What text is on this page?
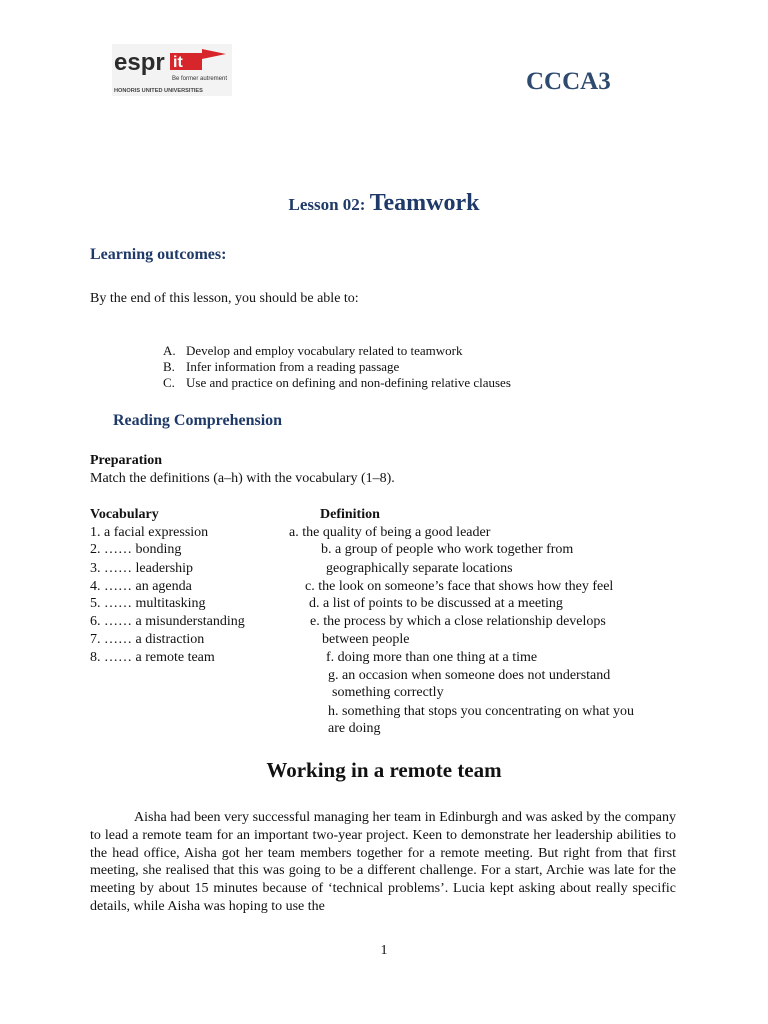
espr it
Be former autrement
HONORIS UNITED UNIVERSITIES	CCCA3
Lesson 02: Teamwork
Learning outcomes:
By the end of this lesson, you should be able to:
A. Develop and employ vocabulary related to teamwork
B. Infer information from a reading passage
C. Use and practice on defining and non-defining relative clauses
Reading Comprehension
Preparation
Match the definitions (a–h) with the vocabulary (1–8).
Vocabulary	Definition
1. a facial expression
2. …… bonding
3. …… leadership
4. …… an agenda
5. …… multitasking
6. …… a misunderstanding
7. …… a distraction
8. …… a remote team
a. the quality of being a good leader
b. a group of people who work together from
geographically separate locations
c. the look on someone’s face that shows how they feel
d. a list of points to be discussed at a meeting
e. the process by which a close relationship develops
between people
f. doing more than one thing at a time
g. an occasion when someone does not understand
something correctly
h. something that stops you concentrating on what you
are doing
Working in a remote team
Aisha had been very successful managing her team in Edinburgh and was asked by the company to lead a remote team for an important two-year project. Keen to demonstrate her leadership abilities to the head office, Aisha got her team members together for a remote meeting. But right from that first meeting, she realised that this was going to be a different challenge. For a start, Archie was late for the meeting by about 15 minutes because of ‘technical problems’. Lucia kept asking about really specific details, while Aisha was hoping to use the
1
